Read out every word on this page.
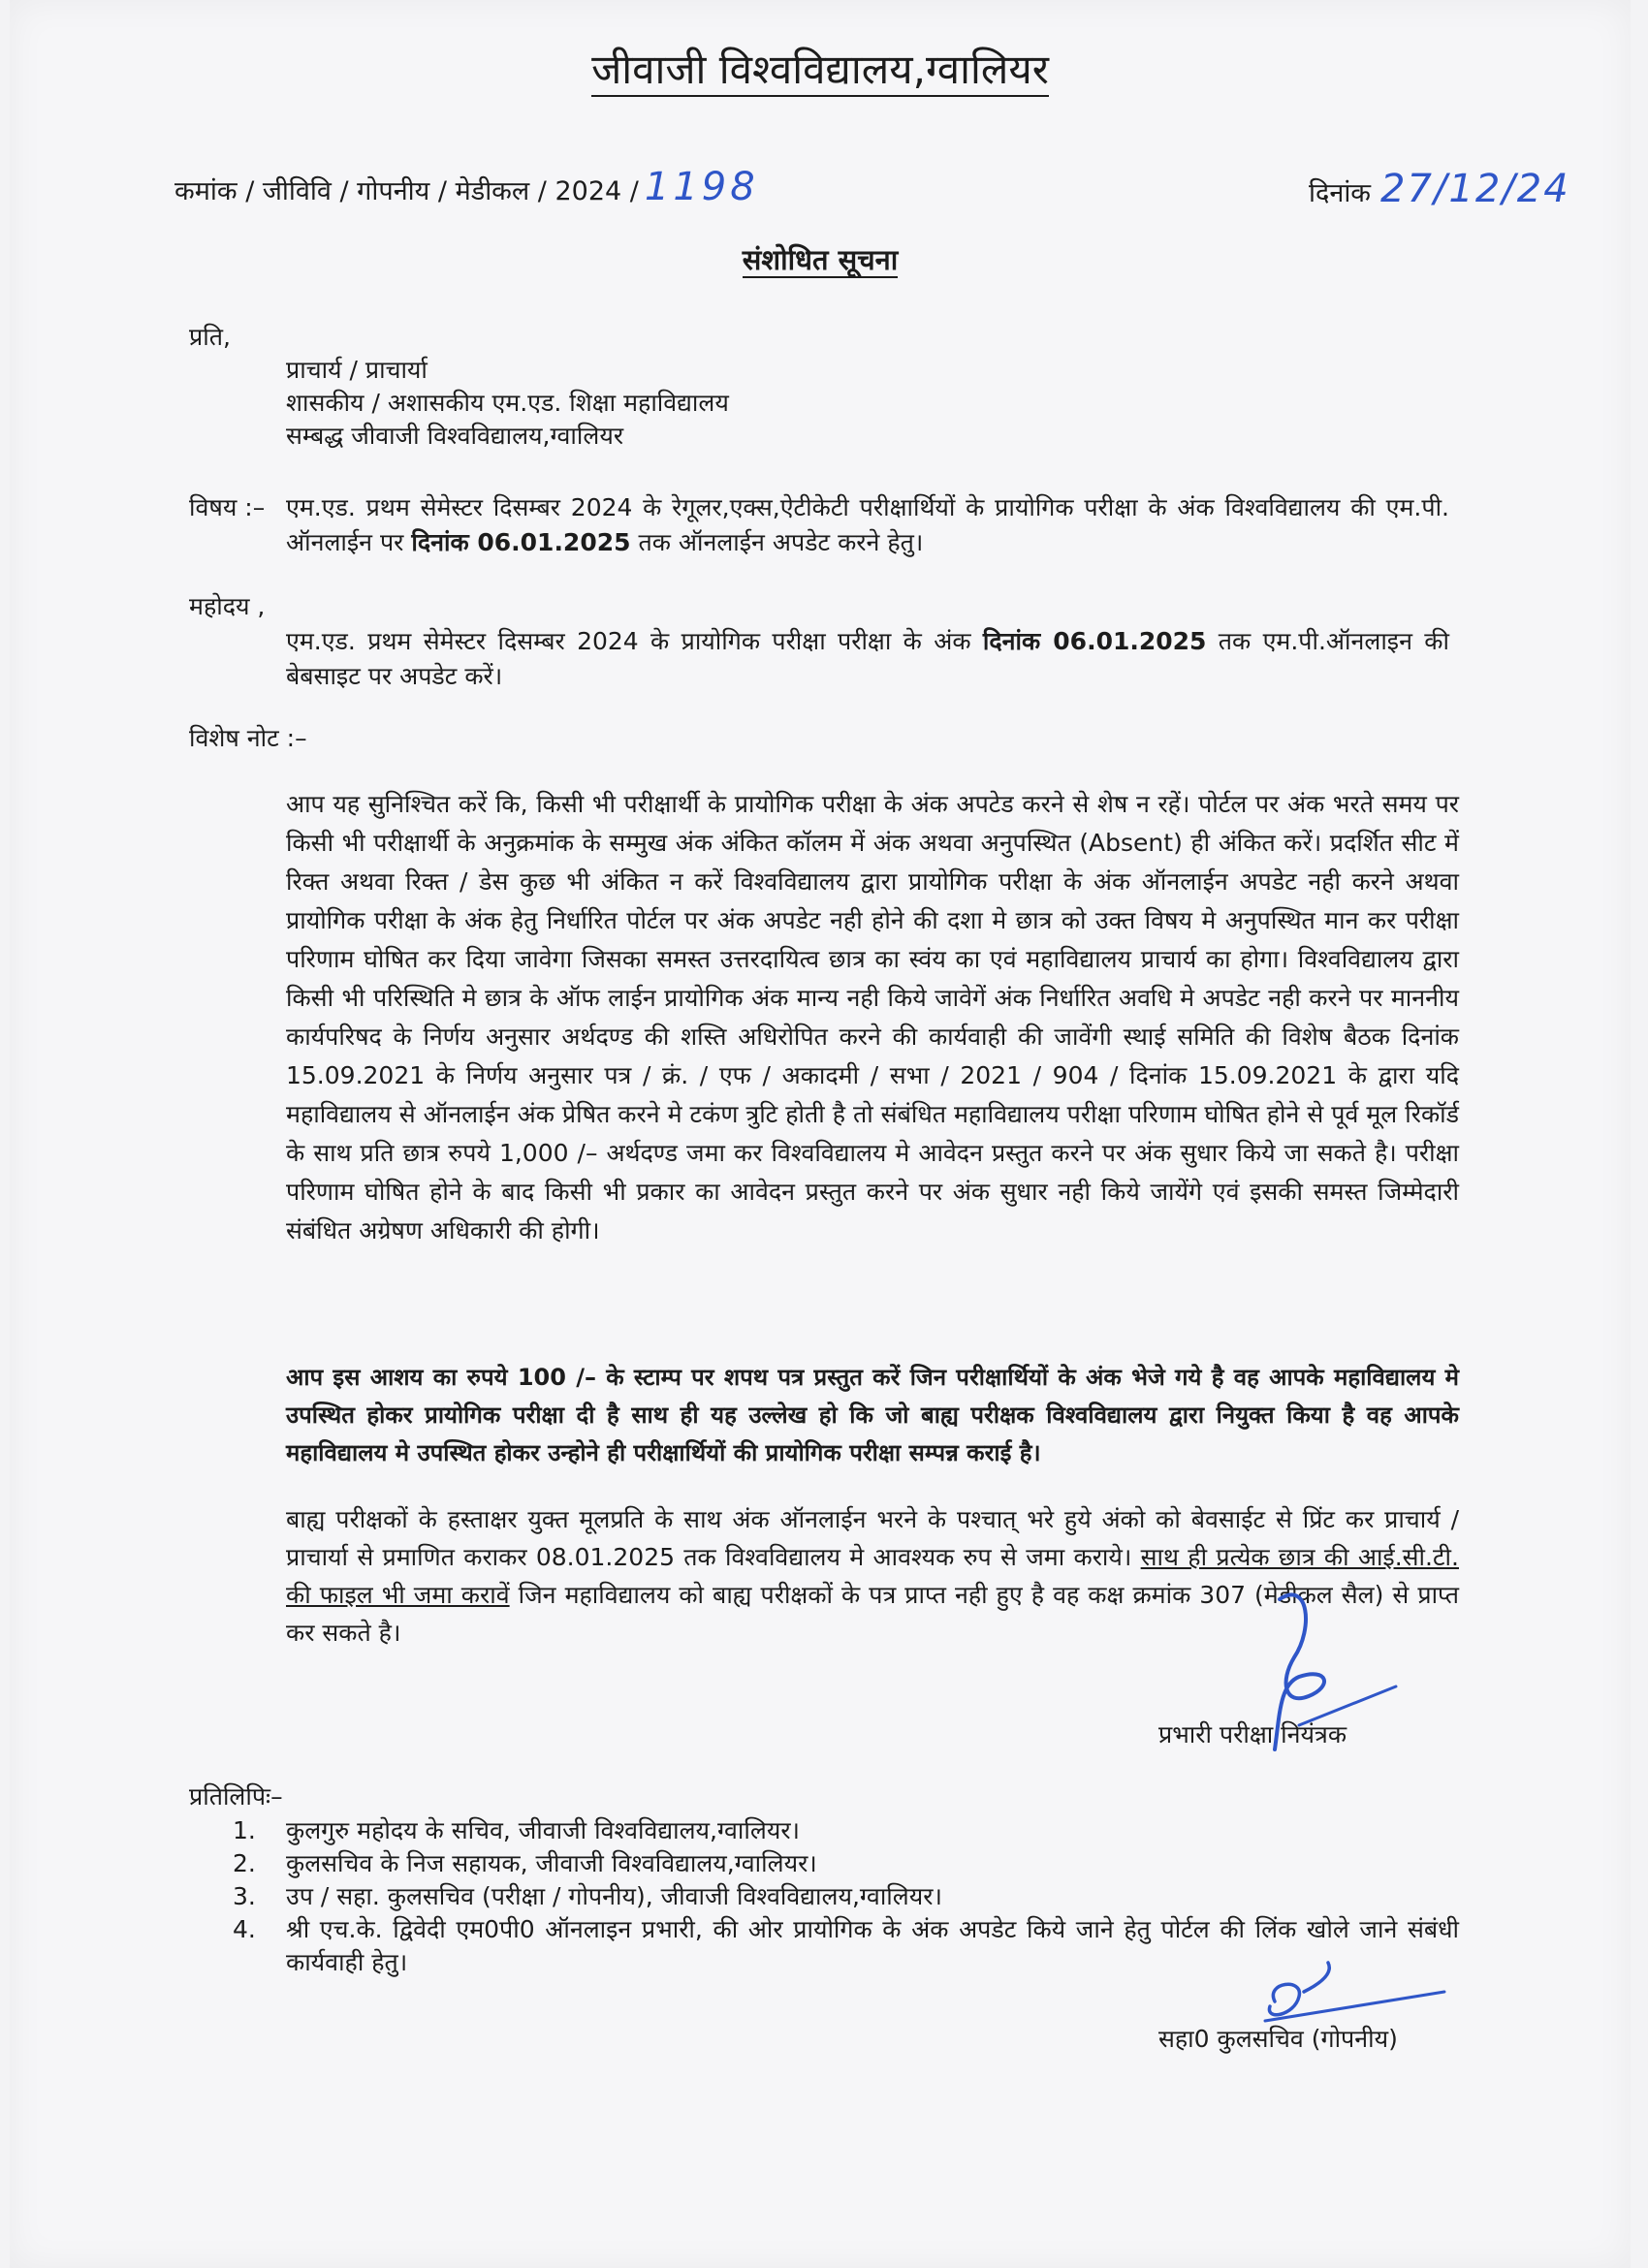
जीवाजी विश्वविद्यालय,ग्वालियर
कमांक / जीविवि / गोपनीय / मेडीकल / 2024 / 1198	दिनांक 27/12/24
संशोधित सूचना
प्रति,
प्राचार्य / प्राचार्या
शासकीय / अशासकीय एम.एड. शिक्षा महाविद्यालय
सम्बद्ध जीवाजी विश्वविद्यालय,ग्वालियर
विषय :– एम.एड. प्रथम सेमेस्टर दिसम्बर 2024 के रेगूलर,एक्स,ऐटीकेटी परीक्षार्थियों के प्रायोगिक परीक्षा के अंक विश्वविद्यालय की एम.पी. ऑनलाईन पर दिनांक 06.01.2025 तक ऑनलाईन अपडेट करने हेतु।
महोदय ,
एम.एड. प्रथम सेमेस्टर दिसम्बर 2024 के प्रायोगिक परीक्षा परीक्षा के अंक दिनांक 06.01.2025 तक एम.पी.ऑनलाइन की बेबसाइट पर अपडेट करें।
विशेष नोट :–
आप यह सुनिश्चित करें कि, किसी भी परीक्षार्थी के प्रायोगिक परीक्षा के अंक अपटेड करने से शेष न रहें। पोर्टल पर अंक भरते समय पर किसी भी परीक्षार्थी के अनुक्रमांक के सम्मुख अंक अंकित कॉलम में अंक अथवा अनुपस्थित (Absent) ही अंकित करें। प्रदर्शित सीट में रिक्त अथवा रिक्त / डेस कुछ भी अंकित न करें विश्वविद्यालय द्वारा प्रायोगिक परीक्षा के अंक ऑनलाईन अपडेट नही करने अथवा प्रायोगिक परीक्षा के अंक हेतु निर्धारित पोर्टल पर अंक अपडेट नही होने की दशा मे छात्र को उक्त विषय मे अनुपस्थित मान कर परीक्षा परिणाम घोषित कर दिया जावेगा जिसका समस्त उत्तरदायित्व छात्र का स्वंय का एवं महाविद्यालय प्राचार्य का होगा। विश्वविद्यालय द्वारा किसी भी परिस्थिति मे छात्र के ऑफ लाईन प्रायोगिक अंक मान्य नही किये जावेगें अंक निर्धारित अवधि मे अपडेट नही करने पर माननीय कार्यपरिषद के निर्णय अनुसार अर्थदण्ड की शस्ति अधिरोपित करने की कार्यवाही की जावेंगी स्थाई समिति की विशेष बैठक दिनांक 15.09.2021 के निर्णय अनुसार पत्र / क्रं. / एफ / अकादमी / सभा / 2021 / 904 / दिनांक 15.09.2021 के द्वारा यदि महाविद्यालय से ऑनलाईन अंक प्रेषित करने मे टकंण त्रुटि होती है तो संबंधित महाविद्यालय परीक्षा परिणाम घोषित होने से पूर्व मूल रिकॉर्ड के साथ प्रति छात्र रुपये 1,000 /– अर्थदण्ड जमा कर विश्वविद्यालय मे आवेदन प्रस्तुत करने पर अंक सुधार किये जा सकते है। परीक्षा परिणाम घोषित होने के बाद किसी भी प्रकार का आवेदन प्रस्तुत करने पर अंक सुधार नही किये जायेंगे एवं इसकी समस्त जिम्मेदारी संबंधित अग्रेषण अधिकारी की होगी।
आप इस आशय का रुपये 100 /– के स्टाम्प पर शपथ पत्र प्रस्तुत करें जिन परीक्षार्थियों के अंक भेजे गये है वह आपके महाविद्यालय मे उपस्थित होकर प्रायोगिक परीक्षा दी है साथ ही यह उल्लेख हो कि जो बाह्य परीक्षक विश्वविद्यालय द्वारा नियुक्त किया है वह आपके महाविद्यालय मे उपस्थित होकर उन्होने ही परीक्षार्थियों की प्रायोगिक परीक्षा सम्पन्न कराई है।
बाह्य परीक्षकों के हस्ताक्षर युक्त मूलप्रति के साथ अंक ऑनलाईन भरने के पश्चात् भरे हुये अंको को बेवसाईट से प्रिंट कर प्राचार्य / प्राचार्या से प्रमाणित कराकर 08.01.2025 तक विश्वविद्यालय मे आवश्यक रुप से जमा कराये। साथ ही प्रत्येक छात्र की आई.सी.टी. की फाइल भी जमा करावें जिन महाविद्यालय को बाह्य परीक्षकों के पत्र प्राप्त नही हुए है वह कक्ष क्रमांक 307 (मेडीकल सैल) से प्राप्त कर सकते है।
प्रभारी परीक्षा नियंत्रक
प्रतिलिपिः–
1. कुलगुरु महोदय के सचिव, जीवाजी विश्वविद्यालय,ग्वालियर।
2. कुलसचिव के निज सहायक, जीवाजी विश्वविद्यालय,ग्वालियर।
3. उप / सहा. कुलसचिव (परीक्षा / गोपनीय), जीवाजी विश्वविद्यालय,ग्वालियर।
4. श्री एच.के. द्विवेदी एम0पी0 ऑनलाइन प्रभारी, की ओर प्रायोगिक के अंक अपडेट किये जाने हेतु पोर्टल की लिंक खोले जाने संबंधी कार्यवाही हेतु।
सहा0 कुलसचिव (गोपनीय)
